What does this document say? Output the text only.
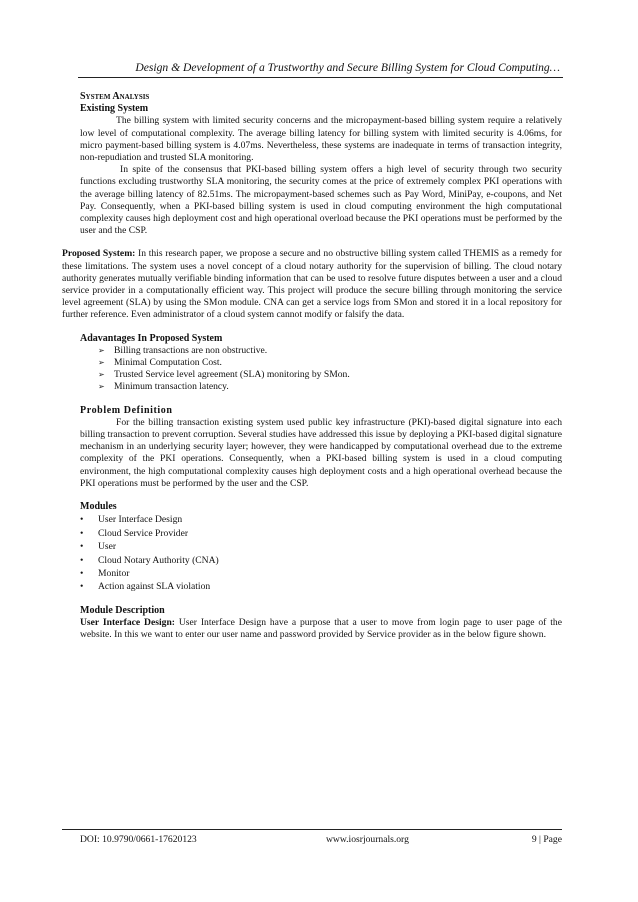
Design & Development of a Trustworthy and Secure Billing System for Cloud Computing…
System Analysis
Existing System

The billing system with limited security concerns and the micropayment-based billing system require a relatively low level of computational complexity. The average billing latency for billing system with limited security is 4.06ms, for micro payment-based billing system is 4.07ms. Nevertheless, these systems are inadequate in terms of transaction integrity, non-repudiation and trusted SLA monitoring.

In spite of the consensus that PKI-based billing system offers a high level of security through two security functions excluding trustworthy SLA monitoring, the security comes at the price of extremely complex PKI operations with the average billing latency of 82.51ms. The micropayment-based schemes such as Pay Word, MiniPay, e-coupons, and Net Pay. Consequently, when a PKI-based billing system is used in cloud computing environment the high computational complexity causes high deployment cost and high operational overload because the PKI operations must be performed by the user and the CSP.

Proposed System: In this research paper, we propose a secure and no obstructive billing system called THEMIS as a remedy for these limitations. The system uses a novel concept of a cloud notary authority for the supervision of billing. The cloud notary authority generates mutually verifiable binding information that can be used to resolve future disputes between a user and a cloud service provider in a computationally efficient way. This project will produce the secure billing through monitoring the service level agreement (SLA) by using the SMon module. CNA can get a service logs from SMon and stored it in a local repository for further reference. Even administrator of a cloud system cannot modify or falsify the data.

Adavantages In Proposed System
➢ Billing transactions are non obstructive.
➢ Minimal Computation Cost.
➢ Trusted Service level agreement (SLA) monitoring by SMon.
➢ Minimum transaction latency.
Problem Definition

For the billing transaction existing system used public key infrastructure (PKI)-based digital signature into each billing transaction to prevent corruption. Several studies have addressed this issue by deploying a PKI-based digital signature mechanism in an underlying security layer; however, they were handicapped by computational overhead due to the extreme complexity of the PKI operations. Consequently, when a PKI-based billing system is used in a cloud computing environment, the high computational complexity causes high deployment costs and a high operational overhead because the PKI operations must be performed by the user and the CSP.

Modules
• User Interface Design
• Cloud Service Provider
• User
• Cloud Notary Authority (CNA)
• Monitor
• Action against SLA violation
Module Description

User Interface Design: User Interface Design have a purpose that a user to move from login page to user page of the website. In this we want to enter our user name and password provided by Service provider as in the below figure shown.

DOI: 10.9790/0661-17620123	www.iosrjournals.org	9 | Page
